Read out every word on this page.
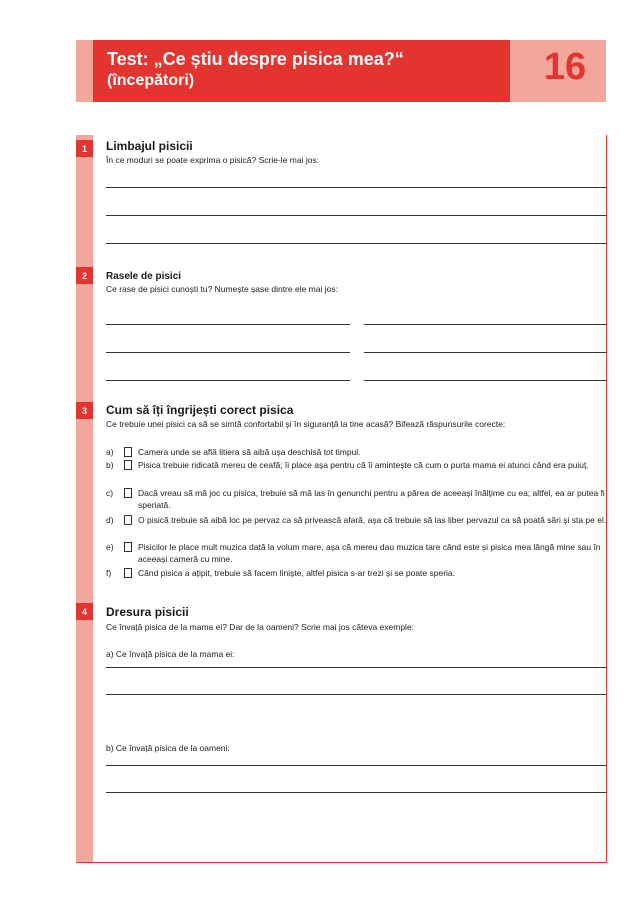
Test: „Ce știu despre pisica mea?“
(începători)	16
1	Limbajul pisicii
În ce moduri se poate exprima o pisică? Scrie-le mai jos:
2	Rasele de pisici
Ce rase de pisici cunoști tu? Numește șase dintre ele mai jos:
3	Cum să îți îngrijești corect pisica
Ce trebuie unei pisici ca să se simtă confortabil și în siguranță la tine acasă? Bifează răspunsurile corecte:
a)	Camera unde se află litiera să aibă ușa deschisă tot timpul.
b)	Pisica trebuie ridicată mereu de ceafă; îi place așa pentru că îi amintește că cum o purta mama ei atunci când era puiuț.
c)	Dacă vreau să mă joc cu pisica, trebuie să mă las în genunchi pentru a părea de aceeași înălțime cu ea; altfel, ea ar putea fi speriată.
d)	O pisică trebuie să aibă loc pe pervaz ca să privească afară, așa că trebuie să las liber pervazul ca să poată sări și sta pe el.
e)	Pisicilor le place mult muzica dată la volum mare, așa că mereu dau muzica tare când este și pisica mea lângă mine sau în aceeași cameră cu mine.
f)	Când pisica a ațipit, trebuie să facem liniște, altfel pisica s-ar trezi și se poate speria.
4	Dresura pisicii
Ce învață pisica de la mama ei? Dar de la oameni? Scrie mai jos câteva exemple:
a) Ce învață pisica de la mama ei:
b) Ce învață pisica de la oameni:
